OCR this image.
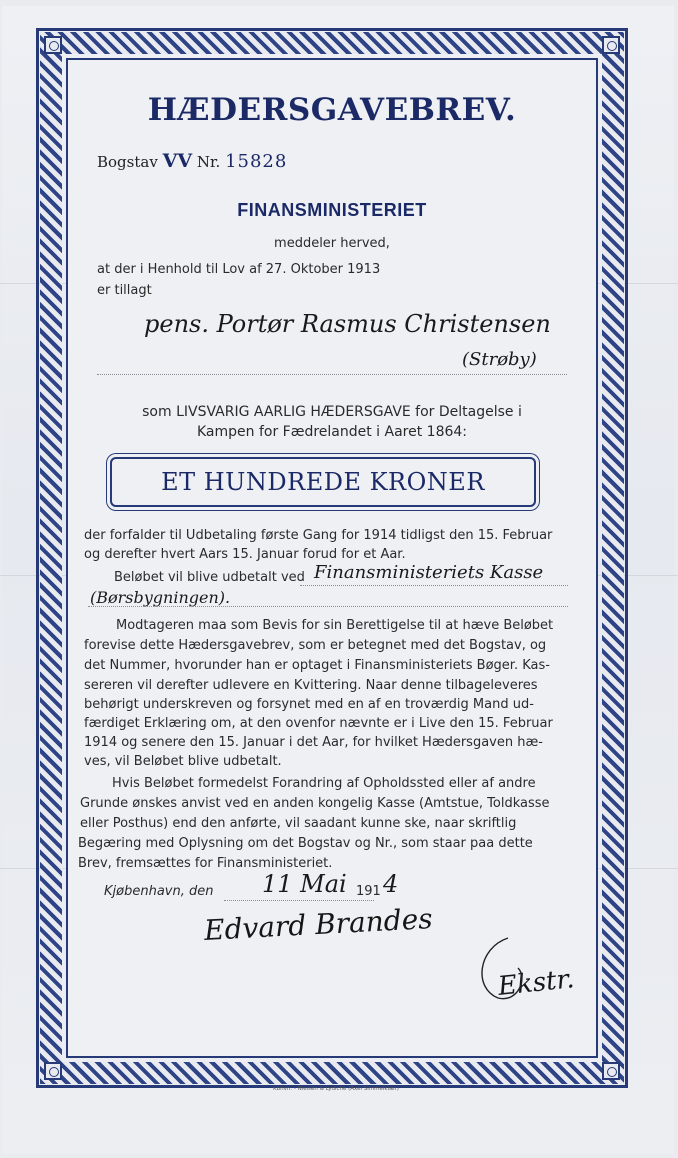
HÆDERSGAVEBREV.
Bogstav VV Nr. 15828
FINANSMINISTERIET
meddeler herved,
at der i Henhold til Lov af 27. Oktober 1913
er tillagt
pens. Portør Rasmus Christensen
(Strøby)
som LIVSVARIG AARLIG HÆDERSGAVE for Deltagelse i
Kampen for Fædrelandet i Aaret 1864:
ET HUNDREDE KRONER
der forfalder til Udbetaling første Gang for 1914 tidligst den 15. Februar
og derefter hvert Aars 15. Januar forud for et Aar.
Beløbet vil blive udbetalt ved Finansministeriets Kasse
(Børsbygningen).
Modtageren maa som Bevis for sin Berettigelse til at hæve Beløbet
forevise dette Hædersgavebrev, som er betegnet med det Bogstav, og
det Nummer, hvorunder han er optaget i Finansministeriets Bøger. Kas-
sereren vil derefter udlevere en Kvittering. Naar denne tilbageleveres
behørigt underskreven og forsynet med en af en troværdig Mand ud-
færdiget Erklæring om, at den ovenfor nævnte er i Live den 15. Februar
1914 og senere den 15. Januar i det Aar, for hvilket Hædersgaven hæ-
ves, vil Beløbet blive udbetalt.
Hvis Beløbet formedelst Forandring af Opholdssted eller af andre
Grunde ønskes anvist ved en anden kongelig Kasse (Amtstue, Toldkasse
eller Posthus) end den anførte, vil saadant kunne ske, naar skriftlig
Begæring med Oplysning om det Bogstav og Nr., som staar paa dette
Brev, fremsættes for Finansministeriet.
Kjøbenhavn, den 11 Mai 191 4
Edvard Brandes
Ekstr.
Kbhvn. - Nielsen & Lydiche (Axel Simmelkiær)
